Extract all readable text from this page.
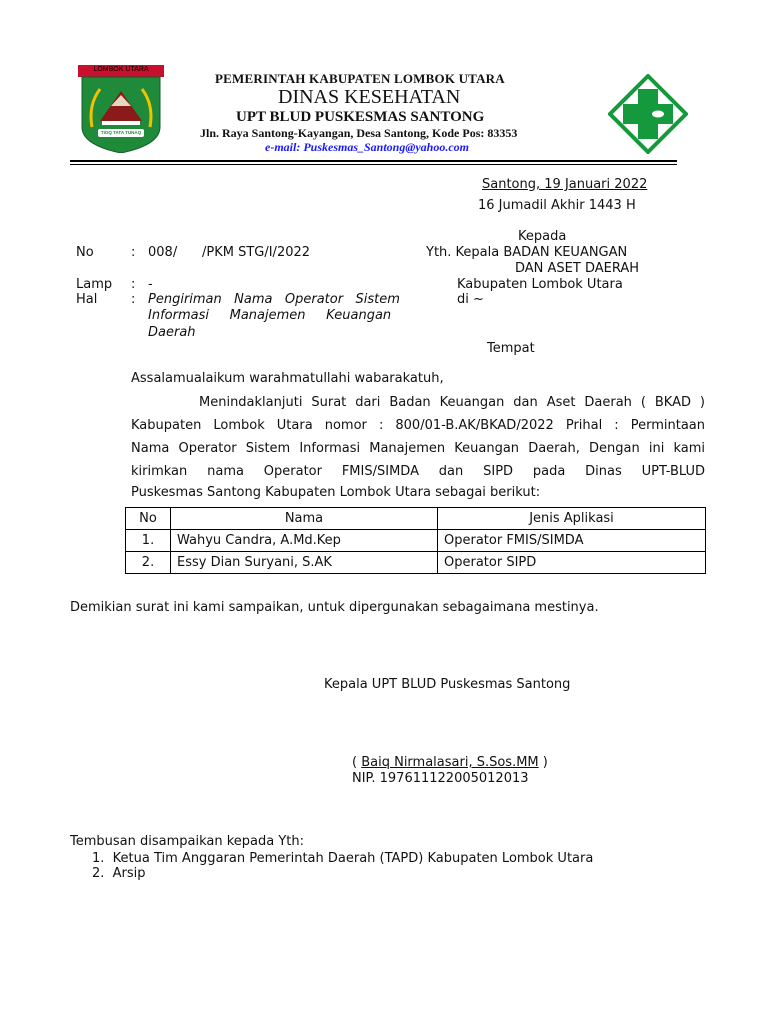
LOMBOK UTARA
TIOQ TATA TUNAQ
PEMERINTAH KABUPATEN LOMBOK UTARA
DINAS KESEHATAN
UPT BLUD PUSKESMAS SANTONG
Jln. Raya Santong-Kayangan, Desa Santong, Kode Pos: 83353
e-mail: Puskesmas_Santong@yahoo.com
Santong, 19 Januari 2022
16 Jumadil Akhir 1443 H
Kepada
Yth. Kepala BADAN KEUANGAN
DAN ASET DAERAH
Kabupaten Lombok Utara
di ~
Tempat
No	: 008/      /PKM STG/I/2022
Lamp : -
Hal	: Pengiriman   Nama   Operator   Sistem
Informasi     Manajemen     Keuangan
Daerah
Assalamualaikum warahmatullahi wabarakatuh,
Menindaklanjuti Surat dari Badan Keuangan dan Aset Daerah ( BKAD )
Kabupaten Lombok Utara nomor : 800/01-B.AK/BKAD/2022 Prihal : Permintaan
Nama Operator Sistem Informasi Manajemen Keuangan Daerah, Dengan ini kami
kirimkan nama Operator FMIS/SIMDA dan SIPD pada Dinas UPT-BLUD
Puskesmas Santong Kabupaten Lombok Utara sebagai berikut:
No	Nama	Jenis Aplikasi
1.	Wahyu Candra, A.Md.Kep	Operator FMIS/SIMDA
2.	Essy Dian Suryani, S.AK	Operator SIPD
Demikian surat ini kami sampaikan, untuk dipergunakan sebagaimana mestinya.
Kepala UPT BLUD Puskesmas Santong
( Baiq Nirmalasari, S.Sos.MM )
NIP. 197611122005012013
Tembusan disampaikan kepada Yth:
1.  Ketua Tim Anggaran Pemerintah Daerah (TAPD) Kabupaten Lombok Utara
2.  Arsip
